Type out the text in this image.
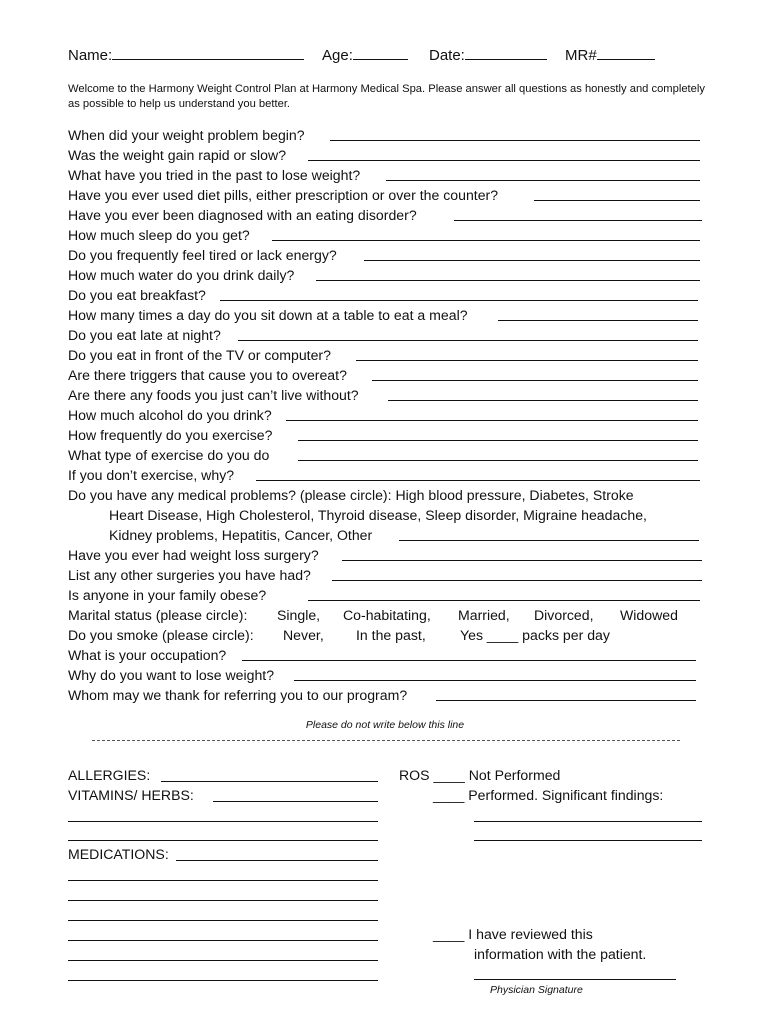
Name:	Age:	Date:	MR#
Welcome to the Harmony Weight Control Plan at Harmony Medical Spa. Please answer all questions as honestly and completely as possible to help us understand you better.
When did your weight problem begin?
Was the weight gain rapid or slow?
What have you tried in the past to lose weight?
Have you ever used diet pills, either prescription or over the counter?
Have you ever been diagnosed with an eating disorder?
How much sleep do you get?
Do you frequently feel tired or lack energy?
How much water do you drink daily?
Do you eat breakfast?
How many times a day do you sit down at a table to eat a meal?
Do you eat late at night?
Do you eat in front of the TV or computer?
Are there triggers that cause you to overeat?
Are there any foods you just can’t live without?
How much alcohol do you drink?
How frequently do you exercise?
What type of exercise do you do
If you don’t exercise, why?
Do you have any medical problems? (please circle): High blood pressure, Diabetes, Stroke
Heart Disease, High Cholesterol, Thyroid disease, Sleep disorder, Migraine headache,
Kidney problems, Hepatitis, Cancer, Other
Have you ever had weight loss surgery?
List any other surgeries you have had?
Is anyone in your family obese?
Marital status (please circle): Single, Co-habitating, Married, Divorced, Widowed
Do you smoke (please circle): Never, In the past, Yes ____ packs per day
What is your occupation?
Why do you want to lose weight?
Whom may we thank for referring you to our program?
Please do not write below this line
ALLERGIES:
VITAMINS/ HERBS:
MEDICATIONS:
ROS ____ Not Performed
____ Performed. Significant findings:
____ I have reviewed this
information with the patient.
Physician Signature
